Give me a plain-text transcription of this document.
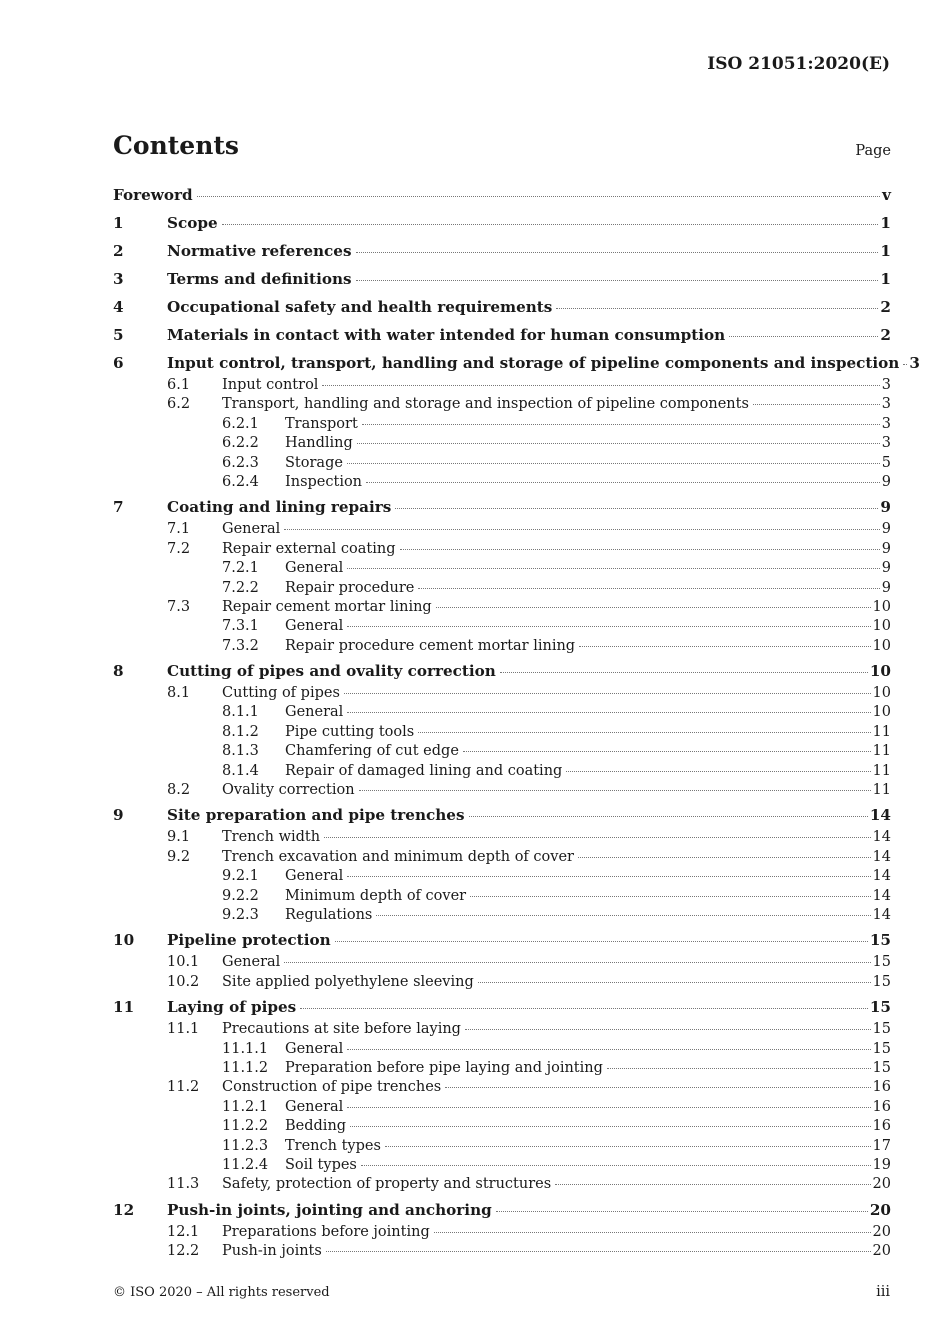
ISO 21051:2020(E)
Contents	Page
Foreword	v
1	Scope	1
2	Normative references	1
3	Terms and definitions	1
4	Occupational safety and health requirements	2
5	Materials in contact with water intended for human consumption	2
6	Input control, transport, handling and storage of pipeline components and inspection 3
6.1 Input control	3
6.2 Transport, handling and storage and inspection of pipeline components	3
6.2.1 Transport	3
6.2.2 Handling	3
6.2.3 Storage	5
6.2.4 Inspection	9
7	Coating and lining repairs	9
7.1 General	9
7.2 Repair external coating	9
7.2.1 General	9
7.2.2 Repair procedure	9
7.3 Repair cement mortar lining	10
7.3.1 General	10
7.3.2 Repair procedure cement mortar lining	10
8	Cutting of pipes and ovality correction	10
8.1 Cutting of pipes	10
8.1.1 General	10
8.1.2 Pipe cutting tools	11
8.1.3 Chamfering of cut edge	11
8.1.4 Repair of damaged lining and coating	11
8.2 Ovality correction	11
9	Site preparation and pipe trenches	14
9.1 Trench width	14
9.2 Trench excavation and minimum depth of cover	14
9.2.1 General	14
9.2.2 Minimum depth of cover	14
9.2.3 Regulations	14
10 Pipeline protection	15
10.1 General	15
10.2 Site applied polyethylene sleeving	15
11 Laying of pipes	15
11.1 Precautions at site before laying	15
11.1.1 General	15
11.1.2 Preparation before pipe laying and jointing	15
11.2 Construction of pipe trenches	16
11.2.1 General	16
11.2.2 Bedding	16
11.2.3 Trench types	17
11.2.4 Soil types	19
11.3 Safety, protection of property and structures	20
12 Push-in joints, jointing and anchoring	20
12.1 Preparations before jointing	20
12.2 Push-in joints	20
© ISO 2020 – All rights reserved	iii
